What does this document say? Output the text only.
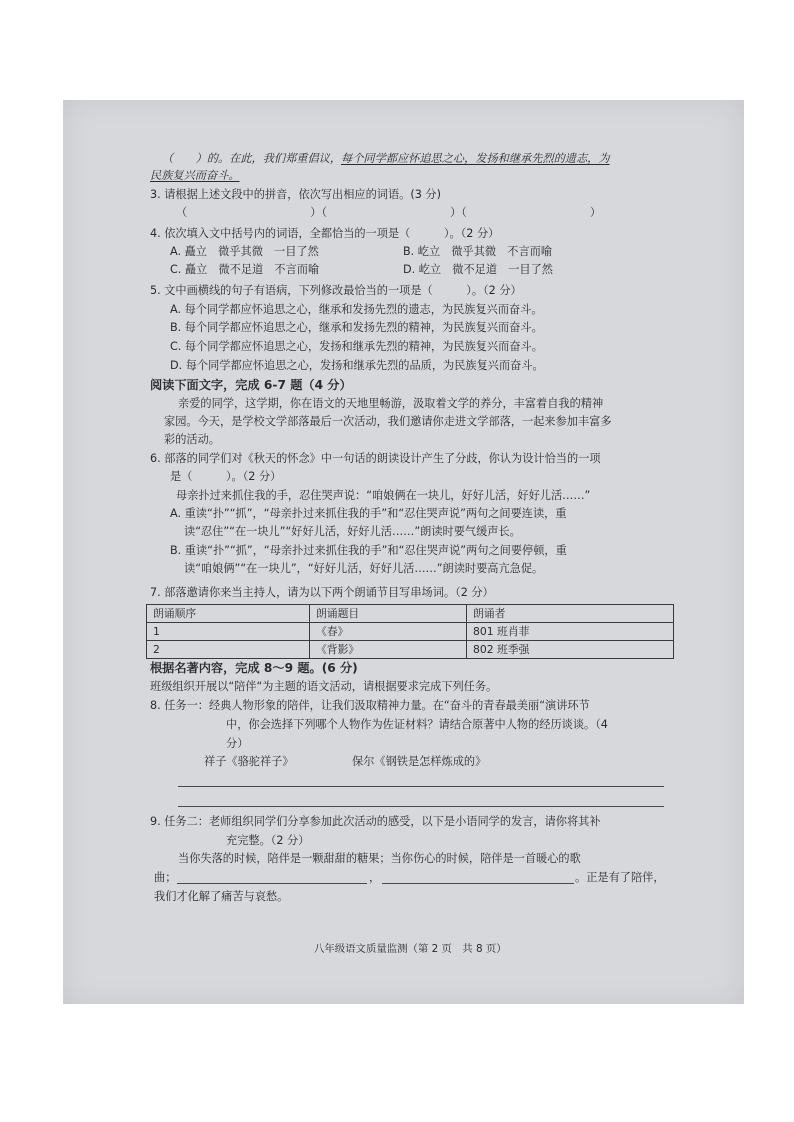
（　　）的。在此，我们郑重倡议，每个同学都应怀追思之心，发扬和继承先烈的遗志，为
民族复兴而奋斗。
3. 请根据上述文段中的拼音，依次写出相应的词语。(3 分)
（　　　　　　　　　　　）（　　　　　　　　　　　）（　　　　　　　　　　　）
4. 依次填入文中括号内的词语，全都恰当的一项是（　　　）。（2 分）
A. 矗立　微乎其微　一目了然	B. 屹立　微乎其微　不言而喻
C. 矗立　微不足道　不言而喻	D. 屹立　微不足道　一目了然
5. 文中画横线的句子有语病，下列修改最恰当的一项是（　　　）。（2 分）
A. 每个同学都应怀追思之心，继承和发扬先烈的遗志，为民族复兴而奋斗。
B. 每个同学都应怀追思之心，继承和发扬先烈的精神，为民族复兴而奋斗。
C. 每个同学都应怀追思之心，发扬和继承先烈的精神，为民族复兴而奋斗。
D. 每个同学都应怀追思之心，发扬和继承先烈的品质，为民族复兴而奋斗。
阅读下面文字，完成 6-7 题（4 分）
亲爱的同学，这学期，你在语文的天地里畅游，汲取着文学的养分，丰富着自我的精神
家园。今天，是学校文学部落最后一次活动，我们邀请你走进文学部落，一起来参加丰富多
彩的活动。
6. 部落的同学们对《秋天的怀念》中一句话的朗读设计产生了分歧，你认为设计恰当的一项
是（　　　）。（2 分）
母亲扑过来抓住我的手，忍住哭声说：“咱娘俩在一块儿，好好儿活，好好儿活……”
A. 重读“扑”“抓”，“母亲扑过来抓住我的手”和“忍住哭声说”两句之间要连读，重
读“忍住”“在一块儿”“好好儿活，好好儿活……”朗读时要气缓声长。
B. 重读“扑”“抓”，“母亲扑过来抓住我的手”和“忍住哭声说”两句之间要停顿，重
读“咱娘俩”“在一块儿”，“好好儿活，好好儿活……”朗读时要高亢急促。
7. 部落邀请你来当主持人，请为以下两个朗诵节目写串场词。（2 分）
朗诵顺序	朗诵题目	朗诵者
1	《春》	801 班肖菲
2	《背影》	802 班季强
根据名著内容，完成 8～9 题。(6 分)
班级组织开展以“陪伴“为主题的语文活动，请根据要求完成下列任务。
8. 任务一：经典人物形象的陪伴，让我们汲取精神力量。在“奋斗的青春最美丽“演讲环节
中，你会选择下列哪个人物作为佐证材料？请结合原著中人物的经历谈谈。（4
分）
祥子《骆驼祥子》	保尔《钢铁是怎样炼成的》
9. 任务二：老师组织同学们分享参加此次活动的感受，以下是小语同学的发言，请你将其补
充完整。（2 分）
当你失落的时候，陪伴是一颗甜甜的糖果；当你伤心的时候，陪伴是一首暖心的歌
曲；	，	。正是有了陪伴，
我们才化解了痛苦与哀愁。
八年级语文质量监测（第 2 页　共 8 页）
